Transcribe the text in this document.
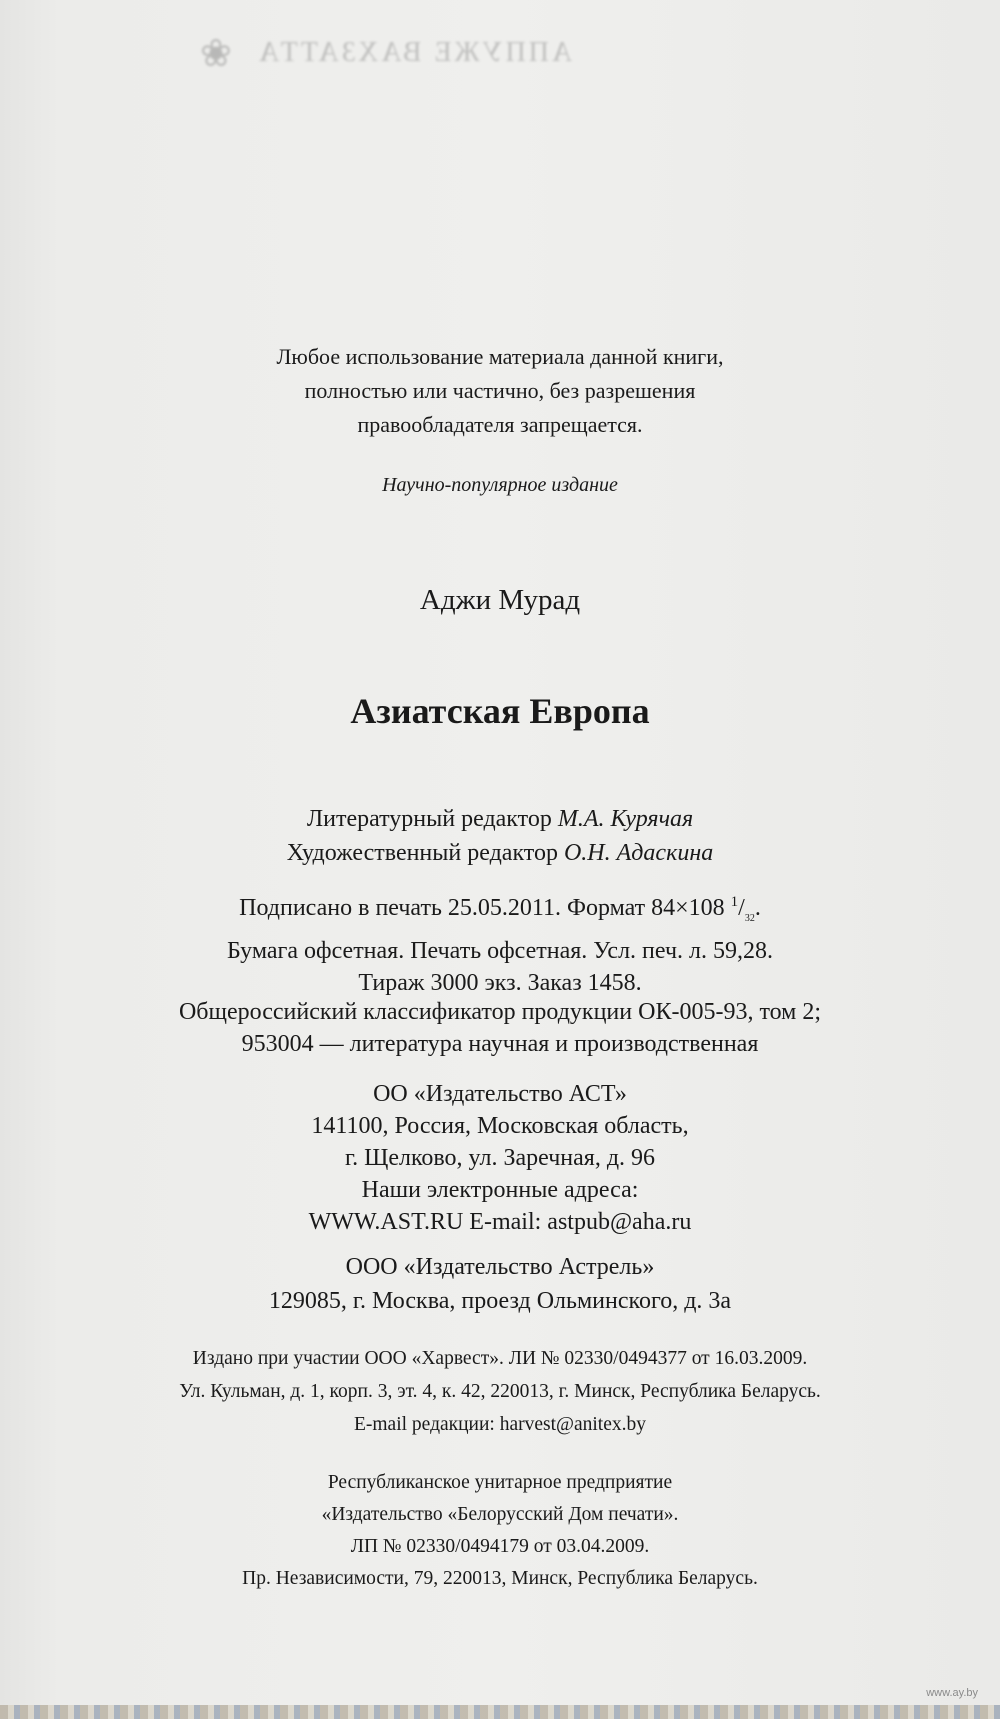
❀ АППУЖЕ ВАХЗАТТА
Любое использование материала данной книги,
полностью или частично, без разрешения
правообладателя запрещается.
Научно-популярное издание
Аджи Мурад
Азиатская Европа
Литературный редактор М.А. Курячая
Художественный редактор О.Н. Адаскина
Подписано в печать 25.05.2011. Формат 84×108 $^1/_{32}$.
Бумага офсетная. Печать офсетная. Усл. печ. л. 59,28.
Тираж 3000 экз. Заказ 1458.
Общероссийский классификатор продукции ОК-005-93, том 2;
953004 — литература научная и производственная
ОО «Издательство АСТ»
141100, Россия, Московская область,
г. Щелково, ул. Заречная, д. 96
Наши электронные адреса:
WWW.AST.RU E-mail: astpub@aha.ru
ООО «Издательство Астрель»
129085, г. Москва, проезд Ольминского, д. 3а
Издано при участии ООО «Харвест». ЛИ № 02330/0494377 от 16.03.2009.
Ул. Кульман, д. 1, корп. 3, эт. 4, к. 42, 220013, г. Минск, Республика Беларусь.
E-mail редакции: harvest@anitex.by
Республиканское унитарное предприятие
«Издательство «Белорусский Дом печати».
ЛП № 02330/0494179 от 03.04.2009.
Пр. Независимости, 79, 220013, Минск, Республика Беларусь.
www.ay.by
